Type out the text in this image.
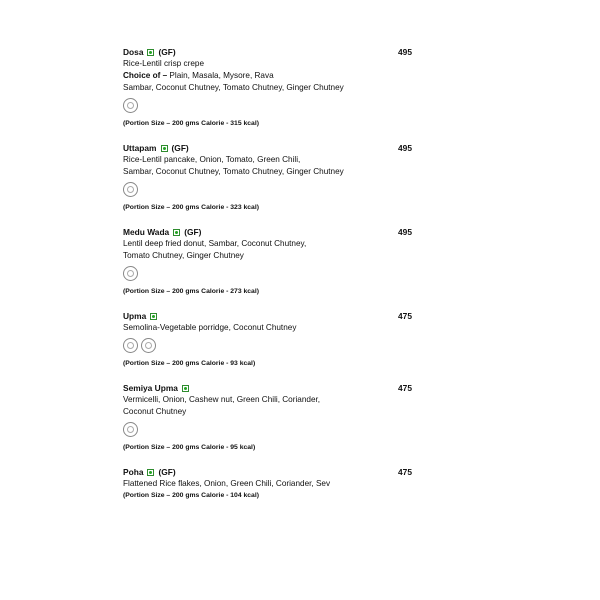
Dosa (GF)	495
Rice-Lentil crisp crepe
Choice of – Plain, Masala, Mysore, Rava
Sambar, Coconut Chutney, Tomato Chutney, Ginger Chutney
(Portion Size – 200 gms Calorie - 315 kcal)
Uttapam (GF)	495
Rice-Lentil pancake, Onion, Tomato, Green Chili,
Sambar, Coconut Chutney, Tomato Chutney, Ginger Chutney
(Portion Size – 200 gms Calorie - 323 kcal)
Medu Wada (GF)	495
Lentil deep fried donut, Sambar, Coconut Chutney,
Tomato Chutney, Ginger Chutney
(Portion Size – 200 gms Calorie - 273 kcal)
Upma	475
Semolina-Vegetable porridge, Coconut Chutney
(Portion Size – 200 gms Calorie - 93 kcal)
Semiya Upma	475
Vermicelli, Onion, Cashew nut, Green Chili, Coriander,
Coconut Chutney
(Portion Size – 200 gms Calorie - 95 kcal)
Poha (GF)	475
Flattened Rice flakes, Onion, Green Chili, Coriander, Sev
(Portion Size – 200 gms Calorie - 104 kcal)
